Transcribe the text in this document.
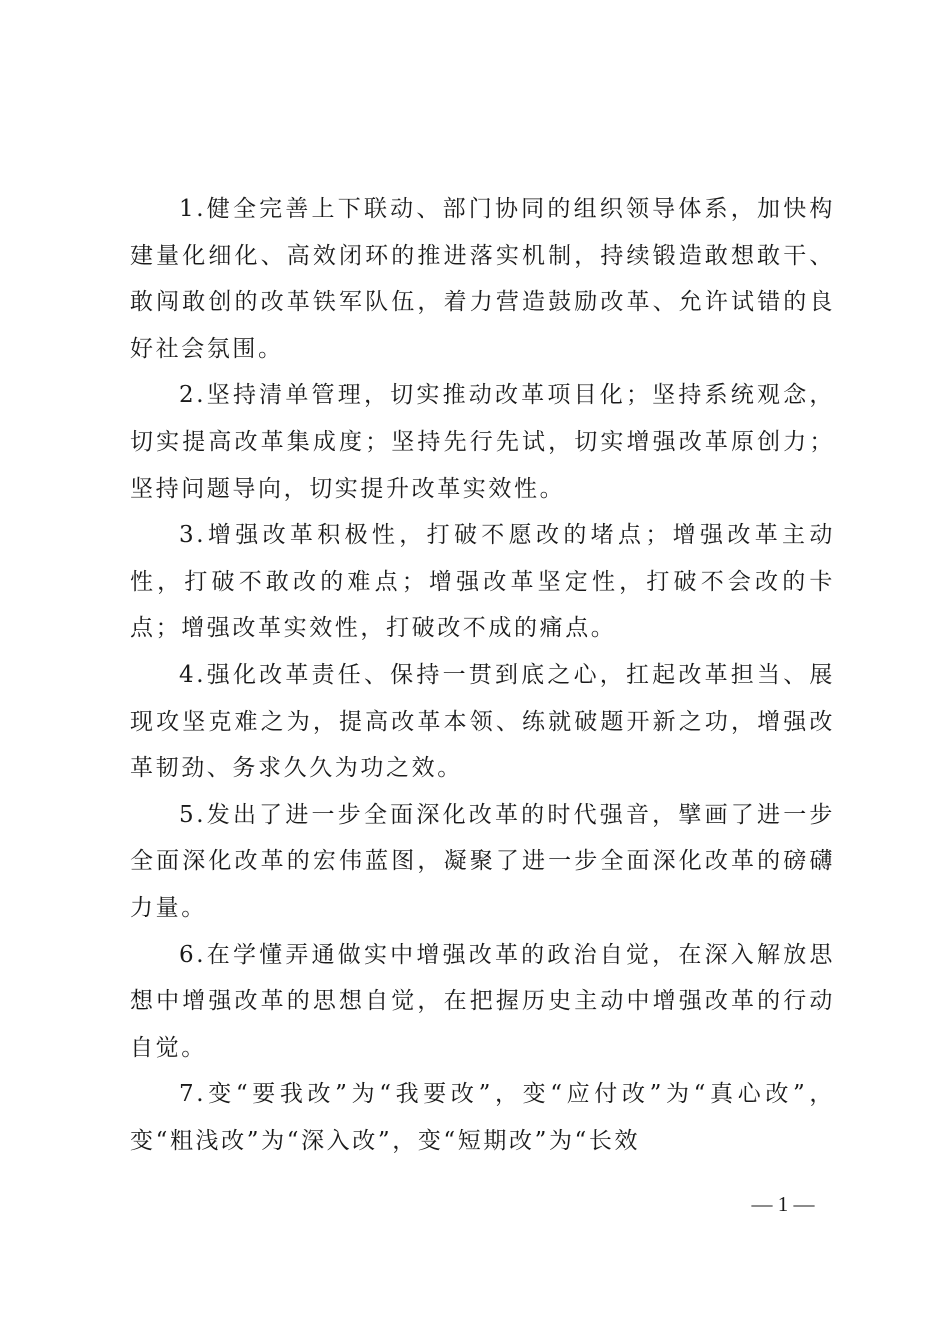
1.健全完善上下联动、部门协同的组织领导体系，加快构建量化细化、高效闭环的推进落实机制，持续锻造敢想敢干、敢闯敢创的改革铁军队伍，着力营造鼓励改革、允许试错的良好社会氛围。

2.坚持清单管理，切实推动改革项目化；坚持系统观念，切实提高改革集成度；坚持先行先试，切实增强改革原创力；坚持问题导向，切实提升改革实效性。

3.增强改革积极性，打破不愿改的堵点；增强改革主动性，打破不敢改的难点；增强改革坚定性，打破不会改的卡点；增强改革实效性，打破改不成的痛点。

4.强化改革责任、保持一贯到底之心，扛起改革担当、展现攻坚克难之为，提高改革本领、练就破题开新之功，增强改革韧劲、务求久久为功之效。

5.发出了进一步全面深化改革的时代强音，擘画了进一步全面深化改革的宏伟蓝图，凝聚了进一步全面深化改革的磅礴力量。

6.在学懂弄通做实中增强改革的政治自觉，在深入解放思想中增强改革的思想自觉，在把握历史主动中增强改革的行动自觉。

7.变“要我改”为“我要改”，变“应付改”为“真心改”，变“粗浅改”为“深入改”，变“短期改”为“长效

— 1 —
